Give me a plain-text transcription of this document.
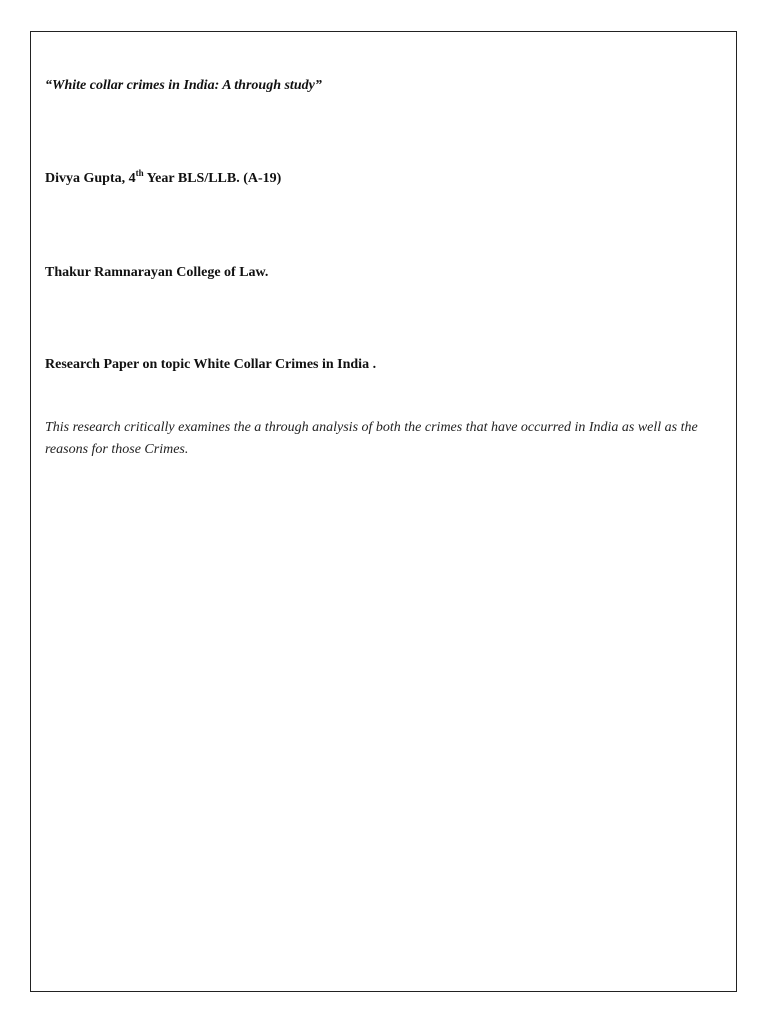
“White collar crimes in India: A through study”

Divya Gupta, 4th Year BLS/LLB. (A-19)

Thakur Ramnarayan College of Law.

Research Paper on topic White Collar Crimes in India .

This research critically examines the a through analysis of both the crimes that have occurred in India as well as the reasons for those Crimes.
